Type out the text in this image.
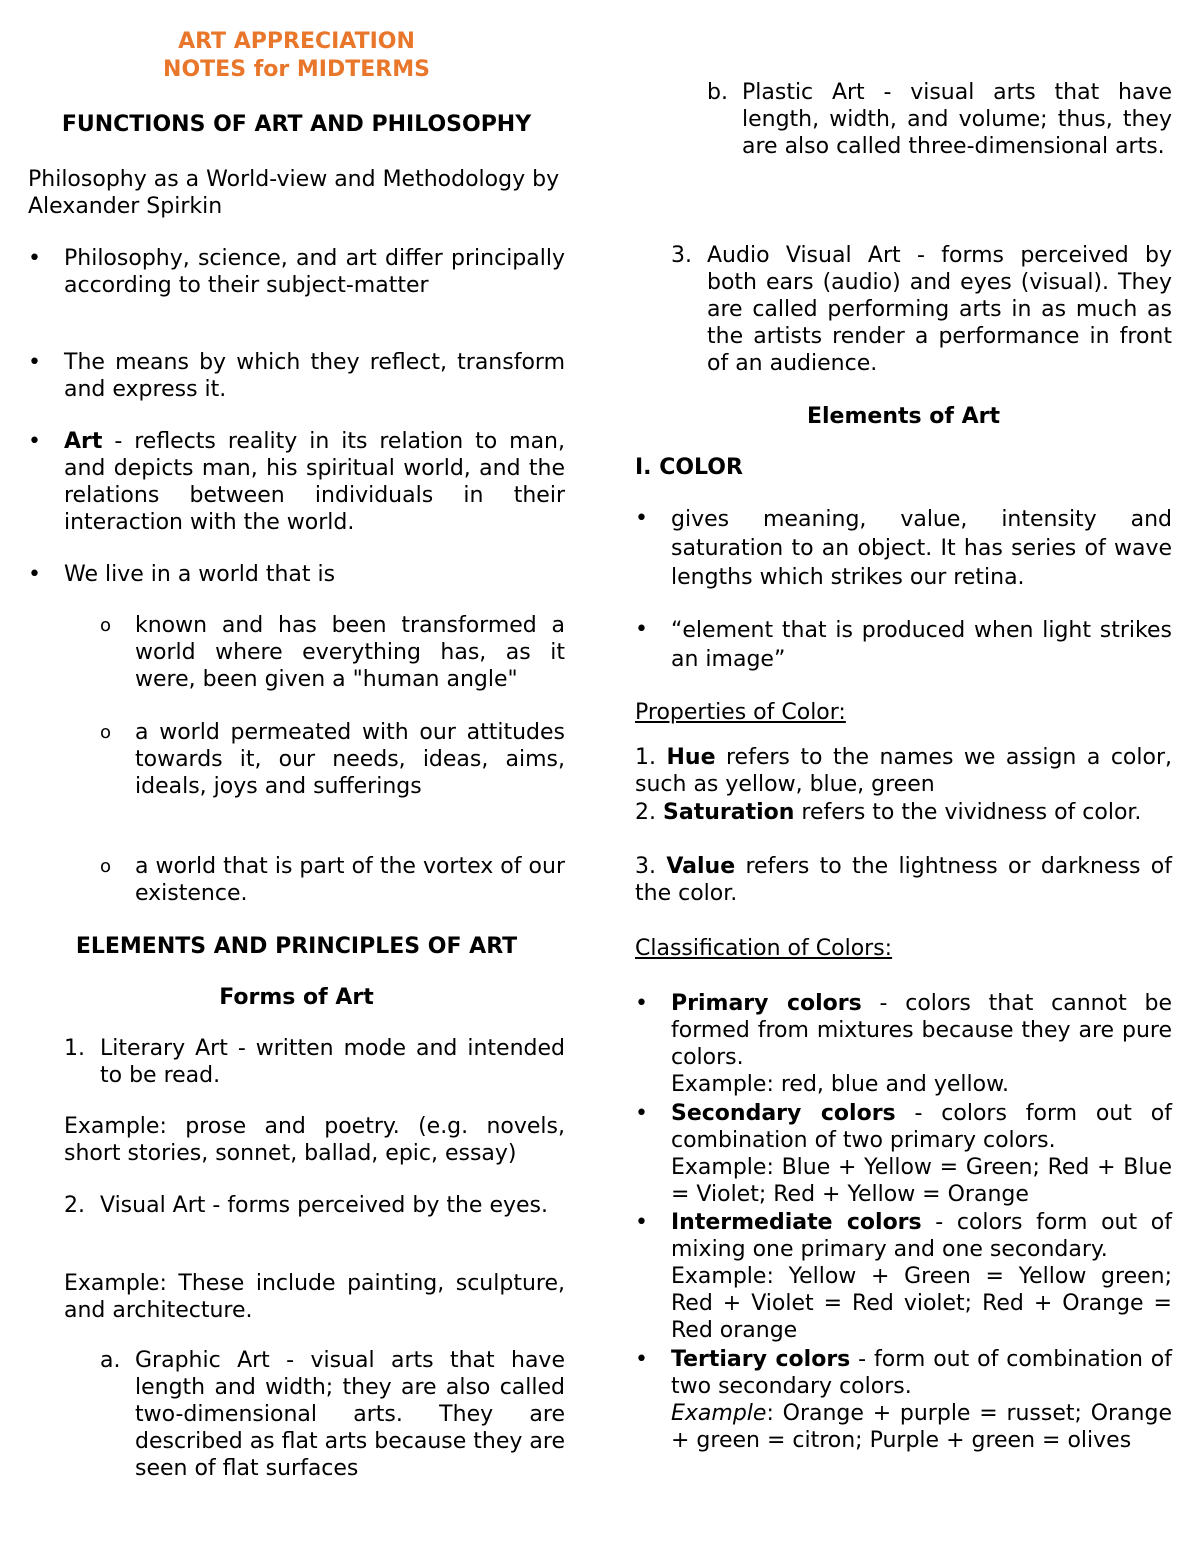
ART APPRECIATION

NOTES for MIDTERMS

FUNCTIONS OF ART AND PHILOSOPHY

Philosophy as a World-view and Methodology by Alexander Spirkin

•	Philosophy, science, and art differ principally according to their subject-matter

•	The means by which they reflect, transform and express it.

•	Art - reflects reality in its relation to man, and depicts man, his spiritual world, and the relations between individuals in their interaction with the world.

•	We live in a world that is

o	known and has been transformed a world where everything has, as it were, been given a "human angle"

o	a world permeated with our attitudes towards it, our needs, ideas, aims, ideals, joys and sufferings

o	a world that is part of the vortex of our existence.

ELEMENTS AND PRINCIPLES OF ART

Forms of Art

1. Literary Art - written mode and intended to be read.

Example: prose and poetry. (e.g. novels, short stories, sonnet, ballad, epic, essay)

2. Visual Art - forms perceived by the eyes.

Example: These include painting, sculpture, and architecture.

a. Graphic Art - visual arts that have length and width; they are also called two-dimensional arts. They are described as flat arts because they are seen of flat surfaces

b. Plastic Art - visual arts that have length, width, and volume; thus, they are also called three-dimensional arts.

3. Audio Visual Art - forms perceived by both ears (audio) and eyes (visual). They are called performing arts in as much as the artists render a performance in front of an audience.

Elements of Art

I. COLOR

•	gives meaning, value, intensity and saturation to an object. It has series of wave lengths which strikes our retina.

•	“element that is produced when light strikes an image”

Properties of Color:

1. Hue refers to the names we assign a color, such as yellow, blue, green

2. Saturation refers to the vividness of color.

3. Value refers to the lightness or darkness of the color.

Classification of Colors:

•	Primary colors - colors that cannot be formed from mixtures because they are pure colors.
Example: red, blue and yellow.

•	Secondary colors - colors form out of combination of two primary colors.
Example: Blue + Yellow = Green; Red + Blue = Violet; Red + Yellow = Orange

•	Intermediate colors - colors form out of mixing one primary and one secondary.
Example: Yellow + Green = Yellow green; Red + Violet = Red violet; Red + Orange = Red orange

•	Tertiary colors - form out of combination of two secondary colors.
Example: Orange + purple = russet; Orange + green = citron; Purple + green = olives
